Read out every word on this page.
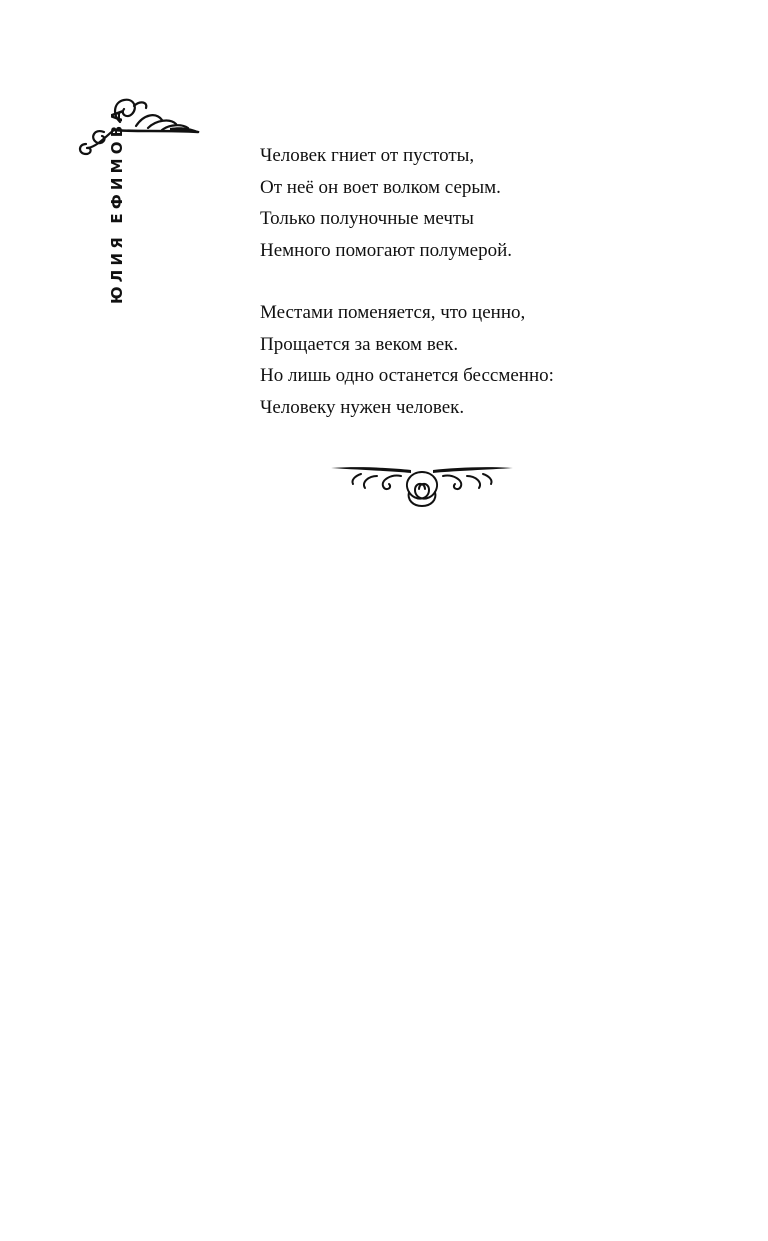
ЮЛИЯ ЕФИМОВА	Человек гниет от пустоты,
От неё он воет волком серым.
Только полуночные мечты
Немного помогают полумерой.
Местами поменяется, что ценно,
Прощается за веком век.
Но лишь одно останется бессменно:
Человеку нужен человек.
